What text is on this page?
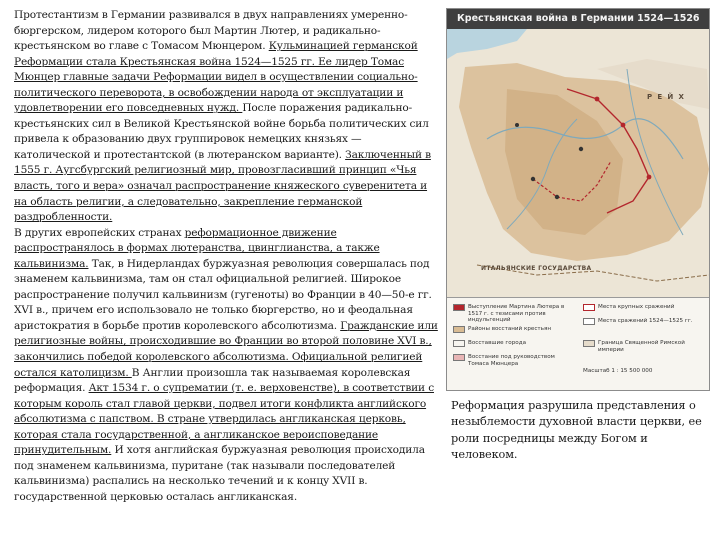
Протестантизм в Германии развивался в двух направлениях умеренно-бюргерском, лидером которого был Мартин Лютер, и радикально-крестьянском во главе с Томасом Мюнцером. Кульминацией германской Реформации стала Крестьянская война 1524—1525 гг. Ее лидер Томас Мюнцер главные задачи Реформации видел в осуществлении социально-политического переворота, в освобождении народа от эксплуатации и удовлетворении его повседневных нужд. После поражения радикально-крестьянских сил в Великой Крестьянской войне борьба политических сил привела к образованию двух группировок немецких князьях — католической и протестантской (в лютеранском варианте). Заключенный в 1555 г. Аугсбургский религиозный мир, провозгласивший принцип «Чья власть, того и вера» означал распространение княжеского суверенитета и на область религии, а следовательно, закрепление германской раздробленности.

В других европейских странах реформационное движение распространялось в формах лютеранства, цвинглианства, а также кальвинизма. Так, в Нидерландах буржуазная революция совершалась под знаменем кальвинизма, там он стал официальной религией. Широкое распространение получил кальвинизм (гугеноты) во Франции в 40—50-е гг. XVI в., причем его использовало не только бюргерство, но и феодальная аристократия в борьбе против королевского абсолютизма. Гражданские или религиозные войны, происходившие во Франции во второй половине XVI в., закончились победой королевского абсолютизма. Официальной религией остался католицизм. В Англии произошла так называемая королевская реформация. Акт 1534 г. о супрематии (т. е. верховенстве), в соответствии с которым король стал главой церкви, подвел итоги конфликта английского абсолютизма с папством. В стране утвердилась англиканская церковь, которая стала государственной, а англиканское вероисповедание принудительным. И хотя английская буржуазная революция происходила под знаменем кальвинизма, пуритане (так называли последователей кальвинизма) распались на несколько течений и к концу XVII в. государственной церковью осталась англиканская.

Крестьянская война в Германии 1524—1526
Р Е Й Х
ИТАЛЬЯНСКИЕ ГОСУДАРСТВА
Выступление Мартина Лютера в 1517 г. с тезисами против индульгенций
Районы восстаний крестьян
Восставшие города
Восстание под руководством Томаса Мюнцера
Места крупных сражений
Места сражений 1524—1525 гг.
Граница Священной Римской империи
Масштаб 1 : 15 500 000
Реформация разрушила представления о незыблемости духовной власти церкви, ее роли посредницы между Богом и человеком.
